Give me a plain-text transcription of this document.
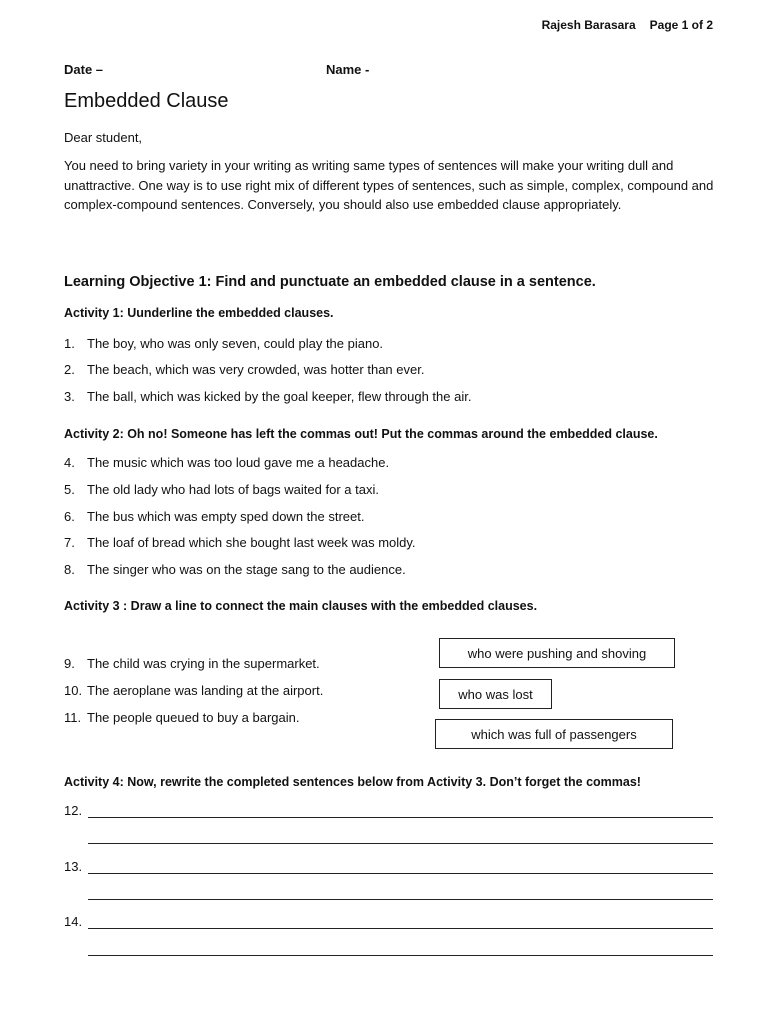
Rajesh Barasara Page 1 of 2
Date –	Name -
Embedded Clause
Dear student,
You need to bring variety in your writing as writing same types of sentences will make your writing dull and unattractive. One way is to use right mix of different types of sentences, such as simple, complex, compound and complex-compound sentences. Conversely, you should also use embedded clause appropriately.
Learning Objective 1: Find and punctuate an embedded clause in a sentence.
Activity 1: Uunderline the embedded clauses.
1. The boy, who was only seven, could play the piano.
2. The beach, which was very crowded, was hotter than ever.
3. The ball, which was kicked by the goal keeper, flew through the air.
Activity 2: Oh no! Someone has left the commas out! Put the commas around the embedded clause.
4. The music which was too loud gave me a headache.
5. The old lady who had lots of bags waited for a taxi.
6. The bus which was empty sped down the street.
7. The loaf of bread which she bought last week was moldy.
8. The singer who was on the stage sang to the audience.
Activity 3 : Draw a line to connect the main clauses with the embedded clauses.
9. The child was crying in the supermarket.
10. The aeroplane was landing at the airport.
11. The people queued to buy a bargain.
who were pushing and shoving
who was lost
which was full of passengers
Activity 4: Now, rewrite the completed sentences below from Activity 3. Don’t forget the commas!
12.
13.
14.
